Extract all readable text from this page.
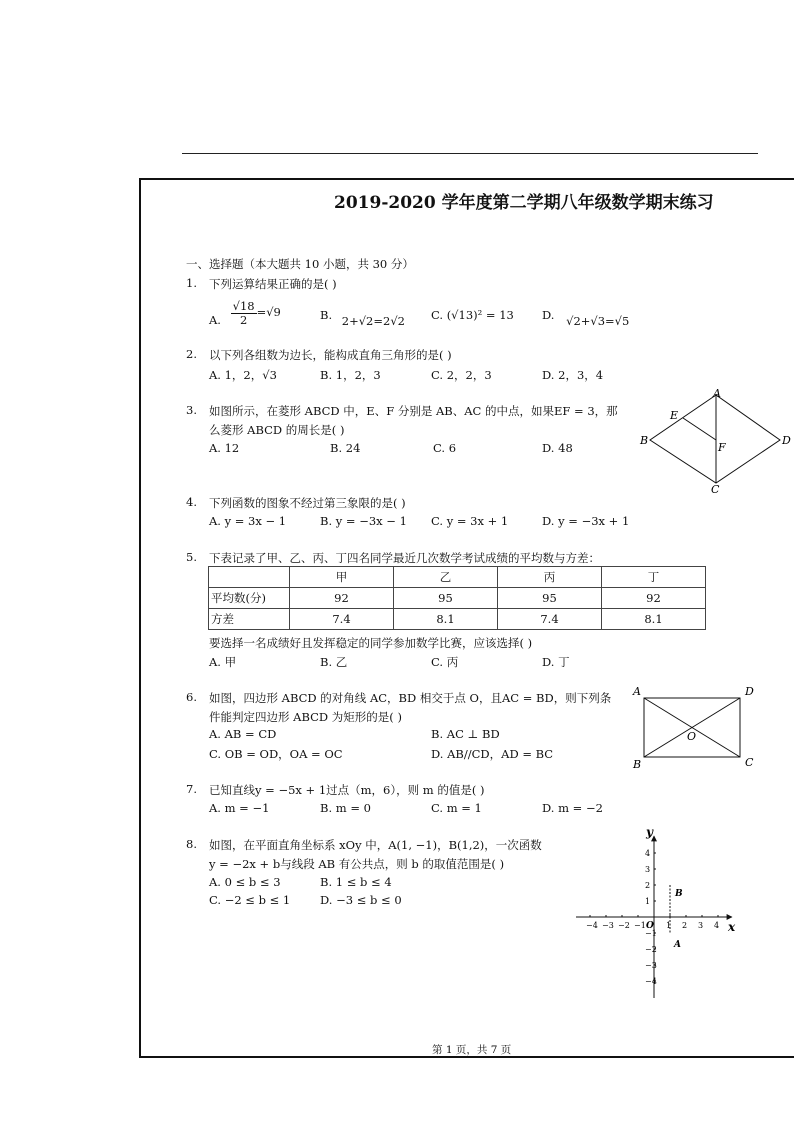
2019-2020 学年度第二学期八年级数学期末练习
一、选择题（本大题共 10 小题，共 30 分）
1. 下列运算结果正确的是( )
A. $\frac{√18}{2} =√9$	B. 2+√2=2√2 C. (√13)² = 13 D. √2+√3=√5
2. 以下列各组数为边长，能构成直角三角形的是( )
A. 1，2，√3	B. 1，2，3	C. 2，2，3	D. 2，3，4
3. 如图所示，在菱形 ABCD 中，E、F 分别是 AB、AC 的中点，如果EF = 3，那
么菱形 ABCD 的周长是( )
A. 12	B. 24	C. 6	D. 48
A
B
C
D
E
F
4. 下列函数的图象不经过第三象限的是( )
A. y = 3x − 1	B. y = −3x − 1 C. y = 3x + 1	D. y = −3x + 1
5. 下表记录了甲、乙、丙、丁四名同学最近几次数学考试成绩的平均数与方差：
	甲	乙	丙	丁
平均数(分)	92	95	95	92
方差	7.4	8.1	7.4	8.1
要选择一名成绩好且发挥稳定的同学参加数学比赛，应该选择( )
A. 甲	B. 乙	C. 丙	D. 丁
6. 如图，四边形 ABCD 的对角线 AC，BD 相交于点 O，且AC = BD，则下列条
件能判定四边形 ABCD 为矩形的是( )
A. AB = CD	B. AC ⊥ BD
C. OB = OD，OA = OC	D. AB//CD，AD = BC
A	D
B	C
O
7. 已知直线y = −5x + 1过点（m，6），则 m 的值是( )
A. m = −1	B. m = 0	C. m = 1	D. m = −2
8. 如图，在平面直角坐标系 xOy 中，A(1, −1)，B(1,2)，一次函数
y = −2x + b与线段 AB 有公共点，则 b 的取值范围是( )
A. 0 ≤ b ≤ 3	B. 1 ≤ b ≤ 4
C. −2 ≤ b ≤ 1	D. −3 ≤ b ≤ 0
−4 −3 −2 −1	1 2 3 4
4
3
2
1
−1
−2
−3
−4
y
x
O
B
A
第 1 页，共 7 页
